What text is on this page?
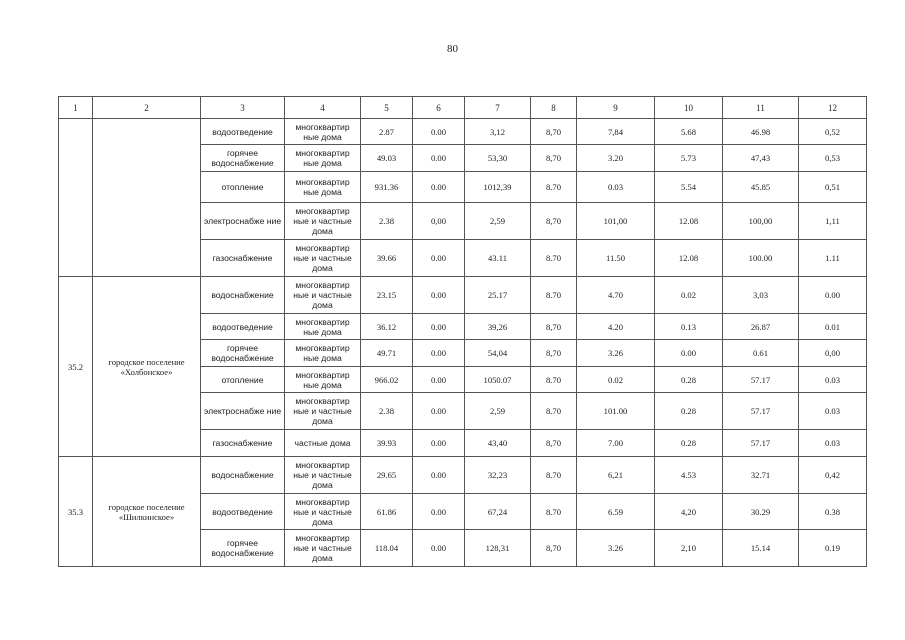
80
1	2	3	4	5	6	7	8	9	10	11	12
		водоотведение	многоквартир ные дома	2.87	0.00	3,12	8,70	7,84	5.68	46.98	0,52
		горячее водоснабжение	многоквартир ные дома	49.03	0.00	53,30	8,70	3.20	5.73	47,43	0,53
		отопление	многоквартир ные дома	931.36	0.00	1012,39	8.70	0.03	5.54	45.85	0,51
		электроснабже ние	многоквартир ные и частные дома	2.38	0,00	2,59	8,70	101,00	12.08	100,00	1,11
		газоснабжение	многоквартир ные и частные дома	39.66	0.00	43.11	8.70	11.50	12.08	100.00	1.11
35.2	городское поселение «Холбонское»	водоснабжение	многоквартир ные и частные дома	23.15	0.00	25.17	8.70	4.70	0.02	3,03	0.00
		водоотведение	многоквартир ные дома	36.12	0.00	39,26	8,70	4.20	0.13	26.87	0.01
		горячее водоснабжение	многоквартир ные дома	49.71	0.00	54,04	8,70	3.26	0.00	0.61	0,00
		отопление	многоквартир ные дома	966.02	0.00	1050.07	8.70	0.02	0.28	57.17	0.03
		электроснабже ние	многоквартир ные и частные дома	2.38	0.00	2,59	8.70	101.00	0.28	57.17	0.03
		газоснабжение	частные дома	39.93	0.00	43,40	8,70	7.00	0.28	57.17	0.03
35.3	городское поселение «Шилкинское»	водоснабжение	многоквартир ные и частные дома	29.65	0.00	32,23	8.70	6,21	4.53	32.71	0,42
		водоотведение	многоквартир ные и частные дома	61.86	0.00	67,24	8.70	6.59	4,20	30.29	0.38
		горячее водоснабжение	многоквартир ные и частные дома	118.04	0.00	128,31	8,70	3.26	2,10	15.14	0.19
